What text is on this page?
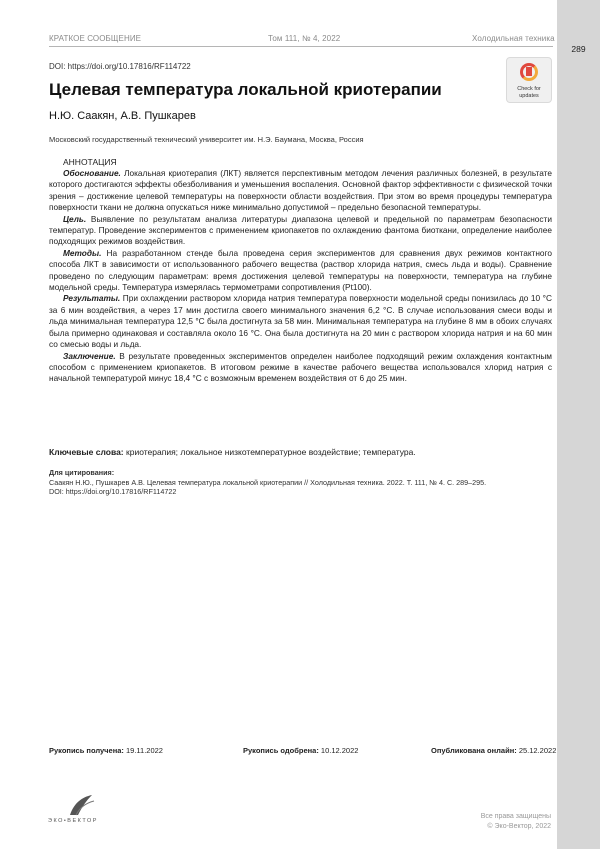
289
КРАТКОЕ СООБЩЕНИЕ	Том 111, № 4, 2022	Холодильная техника
DOI: https://doi.org/10.17816/RF114722
Check for
updates
Целевая температура локальной криотерапии
Н.Ю. Саакян, А.В. Пушкарев
Московский государственный технический университет им. Н.Э. Баумана, Москва, Россия
АННОТАЦИЯ

Обоснование. Локальная криотерапия (ЛКТ) является перспективным методом лечения различных болезней, в результате которого достигаются эффекты обезболивания и уменьшения воспаления. Основной фактор эффективности с физической точки зрения – достижение целевой температуры на поверхности области воздействия. При этом во время процедуры температура поверхности ткани не должна опускаться ниже минимально допустимой – предельно безопасной температуры.

Цель. Выявление по результатам анализа литературы диапазона целевой и предельной по параметрам безопасности температур. Проведение экспериментов с применением криопакетов по охлаждению фантома биоткани, определение наиболее подходящих режимов воздействия.

Методы. На разработанном стенде была проведена серия экспериментов для сравнения двух режимов контактного способа ЛКТ в зависимости от использованного рабочего вещества (раствор хлорида натрия, смесь льда и воды). Сравнение проведено по следующим параметрам: время достижения целевой температуры на поверхности, температура на глубине модельной среды. Температура измерялась термометрами сопротивления (Pt100).

Результаты. При охлаждении раствором хлорида натрия температура поверхности модельной среды понизилась до 10 °C за 6 мин воздействия, а через 17 мин достигла своего минимального значения 6,2 °C. В случае использования смеси воды и льда минимальная температура 12,5 °C была достигнута за 58 мин. Минимальная температура на глубине 8 мм в обоих случаях была примерно одинаковая и составляла около 16 °C. Она была достигнута на 20 мин с раствором хлорида натрия и на 60 мин со смесью воды и льда.

Заключение. В результате проведенных экспериментов определен наиболее подходящий режим охлаждения контактным способом с применением криопакетов. В итоговом режиме в качестве рабочего вещества использовался хлорид натрия с начальной температурой минус 18,4 °C с возможным временем воздействия от 6 до 25 мин.

Ключевые слова: криотерапия; локальное низкотемпературное воздействие; температура.
Для цитирования:
Саакян Н.Ю., Пушкарев А.В. Целевая температура локальной криотерапии // Холодильная техника. 2022. Т. 111, № 4. С. 289–295.
DOI: https://doi.org/10.17816/RF114722
Рукопись получена: 19.11.2022	Рукопись одобрена: 10.12.2022	Опубликована онлайн: 25.12.2022
ЭКО•ВЕКТОР
Все права защищены
© Эко-Вектор, 2022
